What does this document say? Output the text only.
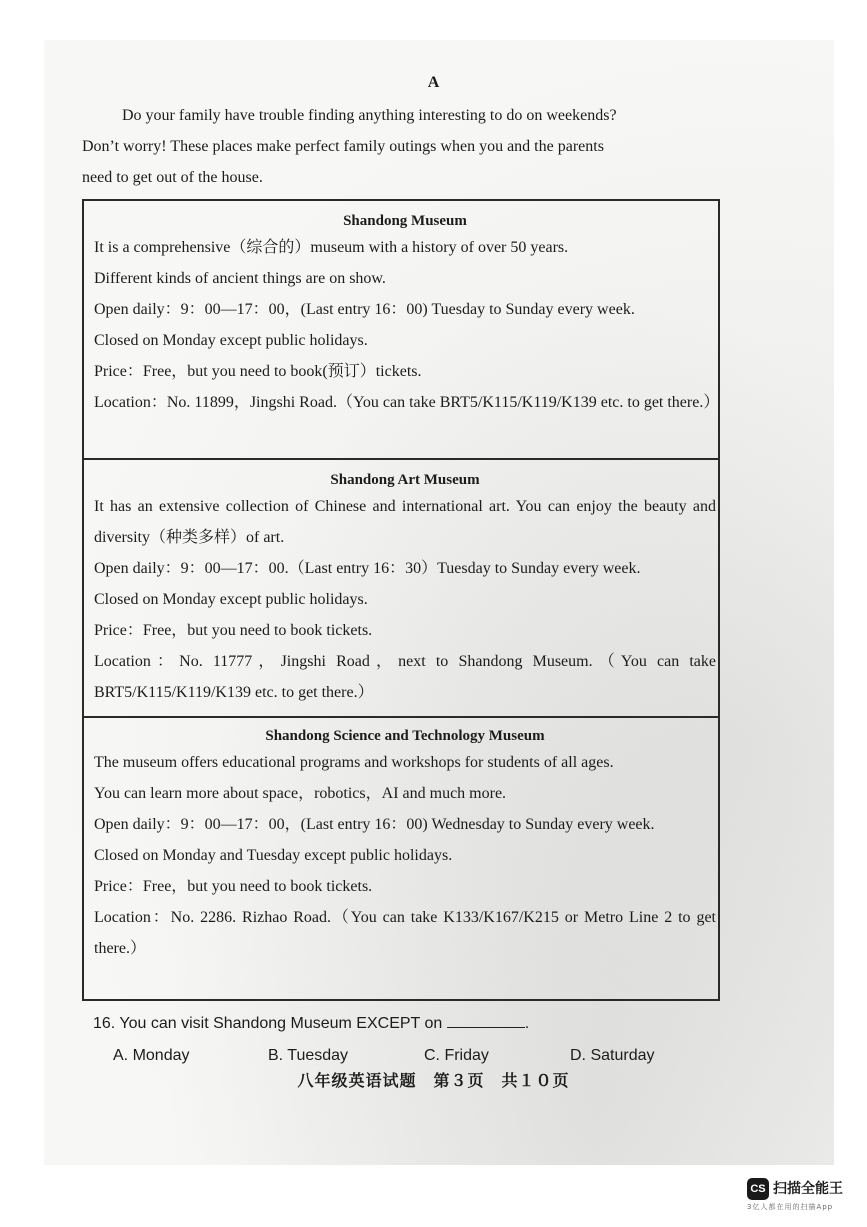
A
Do your family have trouble finding anything interesting to do on weekends?
Don’t worry! These places make perfect family outings when you and the parents
need to get out of the house.
Shandong Museum
It is a comprehensive（综合的）museum with a history of over 50 years.
Different kinds of ancient things are on show.
Open daily：9：00—17：00，(Last entry 16：00) Tuesday to Sunday every week.
Closed on Monday except public holidays.
Price：Free，but you need to book(预订）tickets.
Location：No. 11899，Jingshi Road.（You can take BRT5/K115/K119/K139 etc. to get there.）
Shandong Art Museum
It has an extensive collection of Chinese and international art. You can enjoy the beauty and diversity（种类多样）of art.
Open daily：9：00—17：00.（Last entry 16：30）Tuesday to Sunday every week.
Closed on Monday except public holidays.
Price：Free，but you need to book tickets.
Location：No. 11777，Jingshi Road，next to Shandong Museum.（You can take BRT5/K115/K119/K139 etc. to get there.）
Shandong Science and Technology Museum
The museum offers educational programs and workshops for students of all ages.
You can learn more about space，robotics，AI and much more.
Open daily：9：00—17：00，(Last entry 16：00) Wednesday to Sunday every week.
Closed on Monday and Tuesday except public holidays.
Price：Free，but you need to book tickets.
Location：No. 2286. Rizhao Road.（You can take K133/K167/K215 or Metro Line 2 to get there.）
16. You can visit Shandong Museum EXCEPT on	.
A. Monday	B. Tuesday	C. Friday	D. Saturday
八年级英语试题　第３页　共１０页
CS 扫描全能王
3亿人都在用的扫描App
